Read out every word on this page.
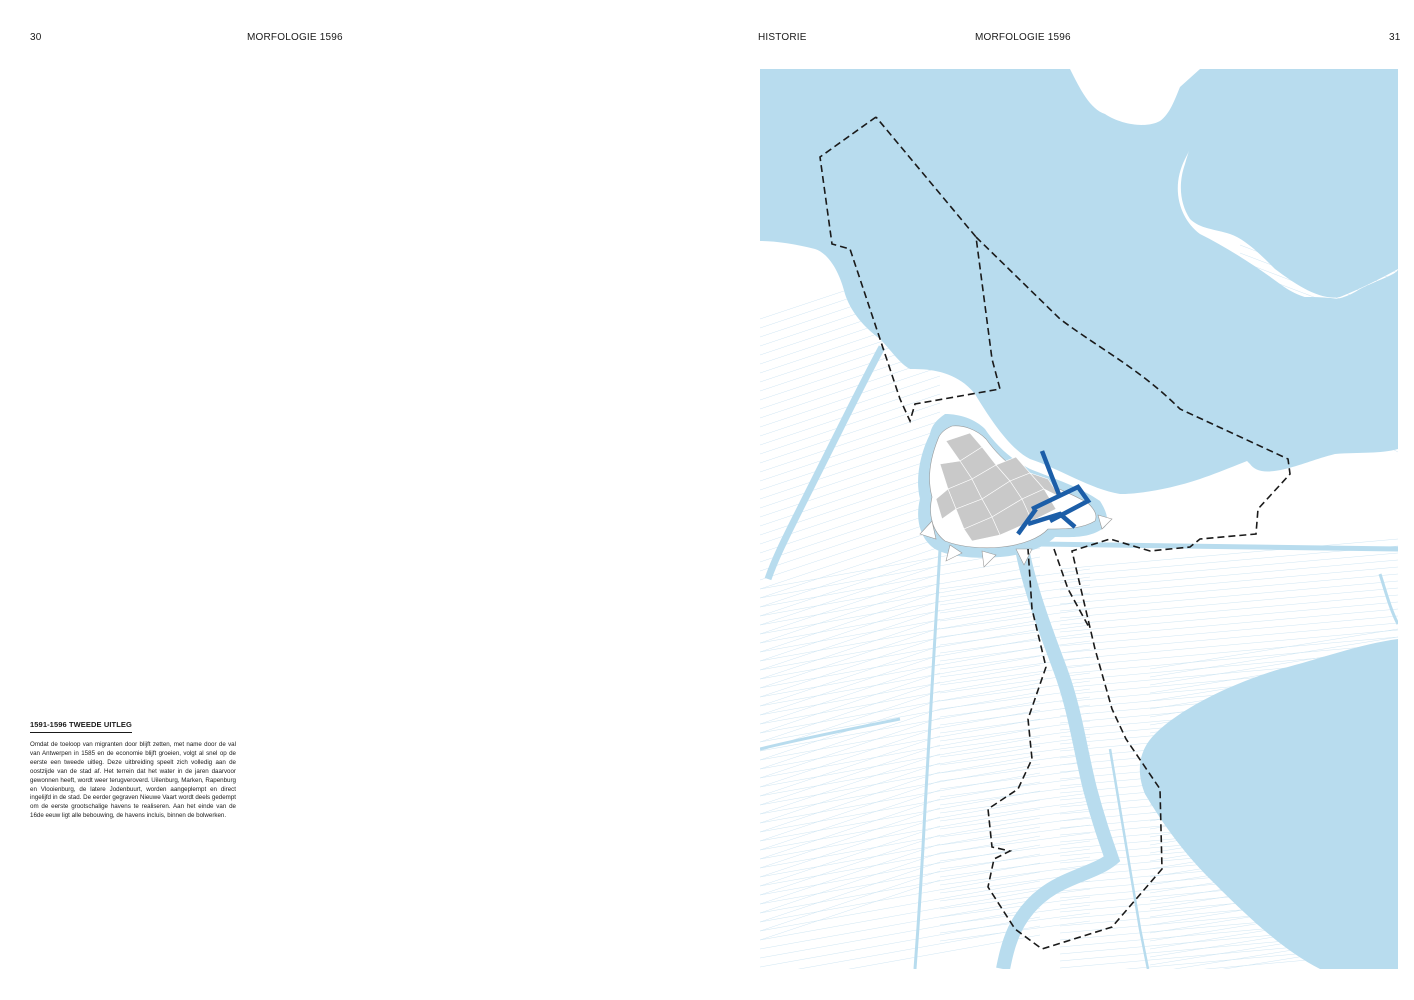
30	MORFOLOGIE 1596	HISTORIE	MORFOLOGIE 1596	31
1591-1596 TWEEDE UITLEG

Omdat de toeloop van migranten door blijft zetten, met name door de val van Antwerpen in 1585 en de economie blijft groeien, volgt al snel op de eerste een tweede uitleg. Deze uitbreiding speelt zich volledig aan de oostzijde van de stad af. Het terrein dat het water in de jaren daarvoor gewonnen heeft, wordt weer terugveroverd. Uilenburg, Marken, Rapenburg en Vlooienburg, de latere Jodenbuurt, worden aangeplempt en direct ingelijfd in de stad. De eerder gegraven Nieuwe Vaart wordt deels gedempt om de eerste grootschalige havens te realiseren. Aan het einde van de 16de eeuw ligt alle bebouwing, de havens incluis, binnen de bolwerken.
